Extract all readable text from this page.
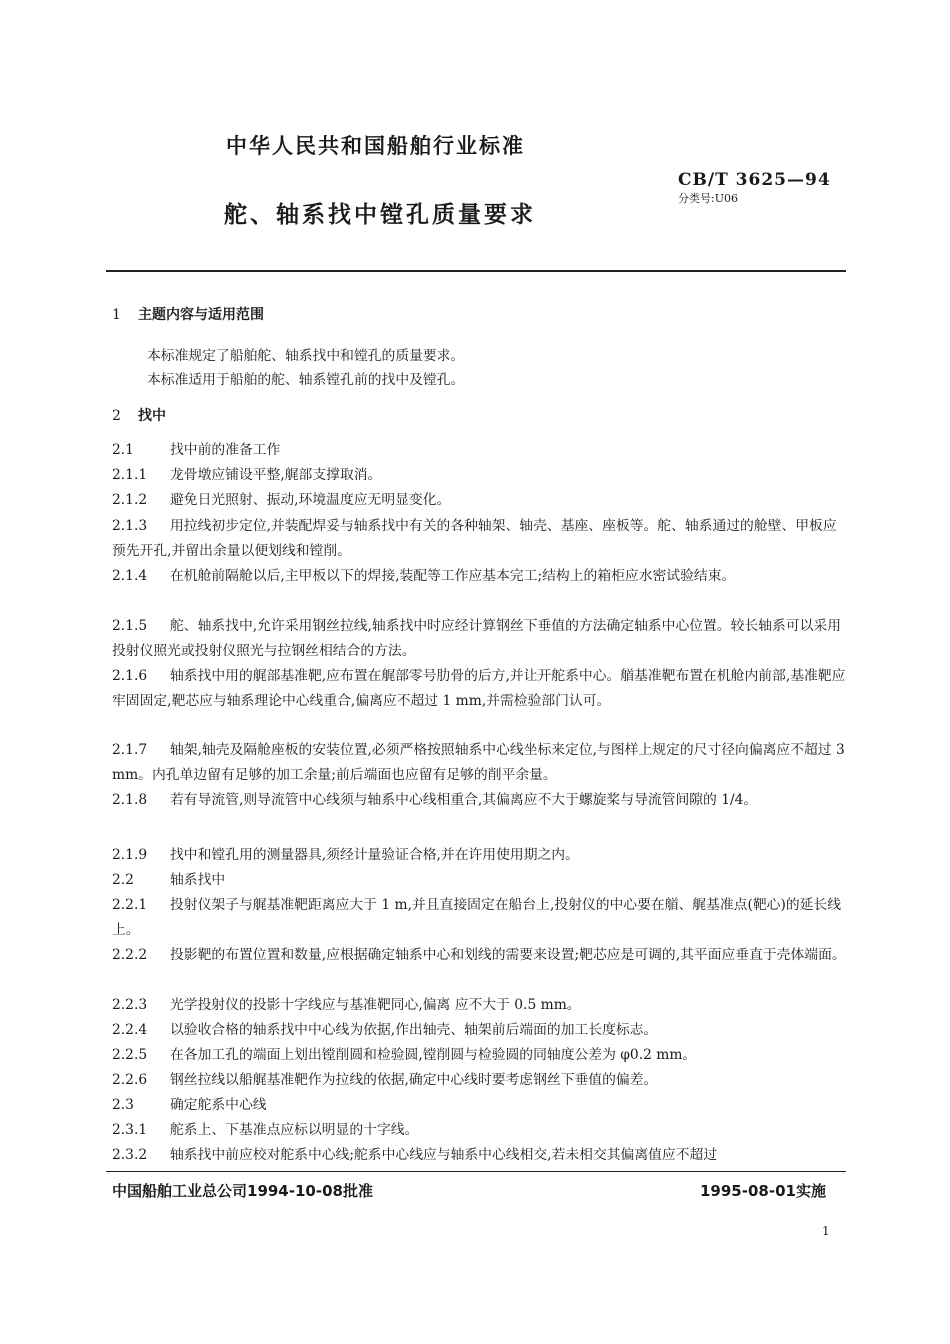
中华人民共和国船舶行业标准
舵、轴系找中镗孔质量要求
CB/T 3625—94
分类号:U06
1 主题内容与适用范围
本标准规定了船舶舵、轴系找中和镗孔的质量要求。
本标准适用于船舶的舵、轴系镗孔前的找中及镗孔。
2 找中
2.1	找中前的准备工作
2.1.1 龙骨墩应铺设平整,艉部支撑取消。
2.1.2 避免日光照射、振动,环境温度应无明显变化。
2.1.3 用拉线初步定位,并装配焊妥与轴系找中有关的各种轴架、轴壳、基座、座板等。舵、轴系通过的舱壁、甲板应预先开孔,并留出余量以便划线和镗削。
2.1.4 在机舱前隔舱以后,主甲板以下的焊接,装配等工作应基本完工;结构上的箱柜应水密试验结束。
2.1.5 舵、轴系找中,允许采用钢丝拉线,轴系找中时应经计算钢丝下垂值的方法确定轴系中心位置。较长轴系可以采用投射仪照光或投射仪照光与拉钢丝相结合的方法。
2.1.6 轴系找中用的艉部基准靶,应布置在艉部零号肋骨的后方,并让开舵系中心。艏基准靶布置在机舱内前部,基准靶应牢固固定,靶芯应与轴系理论中心线重合,偏离应不超过 1 mm,并需检验部门认可。
2.1.7 轴架,轴壳及隔舱座板的安装位置,必须严格按照轴系中心线坐标来定位,与图样上规定的尺寸径向偏离应不超过 3 mm。内孔单边留有足够的加工余量;前后端面也应留有足够的削平余量。
2.1.8 若有导流管,则导流管中心线须与轴系中心线相重合,其偏离应不大于螺旋桨与导流管间隙的 1/4。
2.1.9 找中和镗孔用的测量器具,须经计量验证合格,并在许用使用期之内。
2.2	轴系找中
2.2.1 投射仪架子与艉基准靶距离应大于 1 m,并且直接固定在船台上,投射仪的中心要在艏、艉基准点(靶心)的延长线上。
2.2.2 投影靶的布置位置和数量,应根据确定轴系中心和划线的需要来设置;靶芯应是可调的,其平面应垂直于壳体端面。
2.2.3 光学投射仪的投影十字线应与基准靶同心,偏离 应不大于 0.5 mm。
2.2.4 以验收合格的轴系找中中心线为依据,作出轴壳、轴架前后端面的加工长度标志。
2.2.5 在各加工孔的端面上划出镗削圆和检验圆,镗削圆与检验圆的同轴度公差为 φ0.2 mm。
2.2.6 钢丝拉线以船艉基准靶作为拉线的依据,确定中心线时要考虑钢丝下垂值的偏差。
2.3	确定舵系中心线
2.3.1 舵系上、下基准点应标以明显的十字线。
2.3.2 轴系找中前应校对舵系中心线;舵系中心线应与轴系中心线相交,若未相交其偏离值应不超过
中国船舶工业总公司1994-10-08批准	1995-08-01实施
1
